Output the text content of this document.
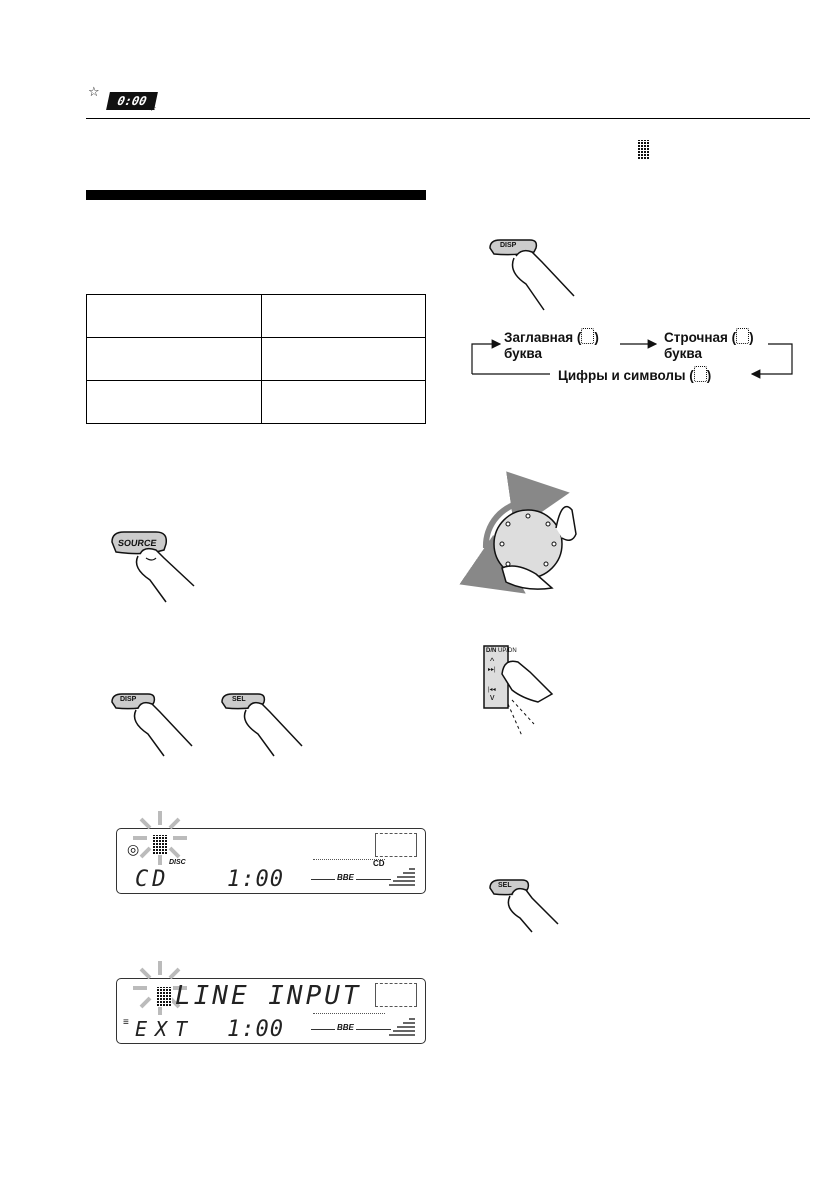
☆
0:00
☼

SOURCE
DISP	SEL
◎
DISC
CD	1:00	BBE
CD
LINE INPUT
≡ EXT 1:00	BBE
DISP
Заглавная ( )
буква
Строчная ( )
буква
Цифры и символы ( )
D/N UP/DN
^
▸▸|
|◂◂
v
SEL
